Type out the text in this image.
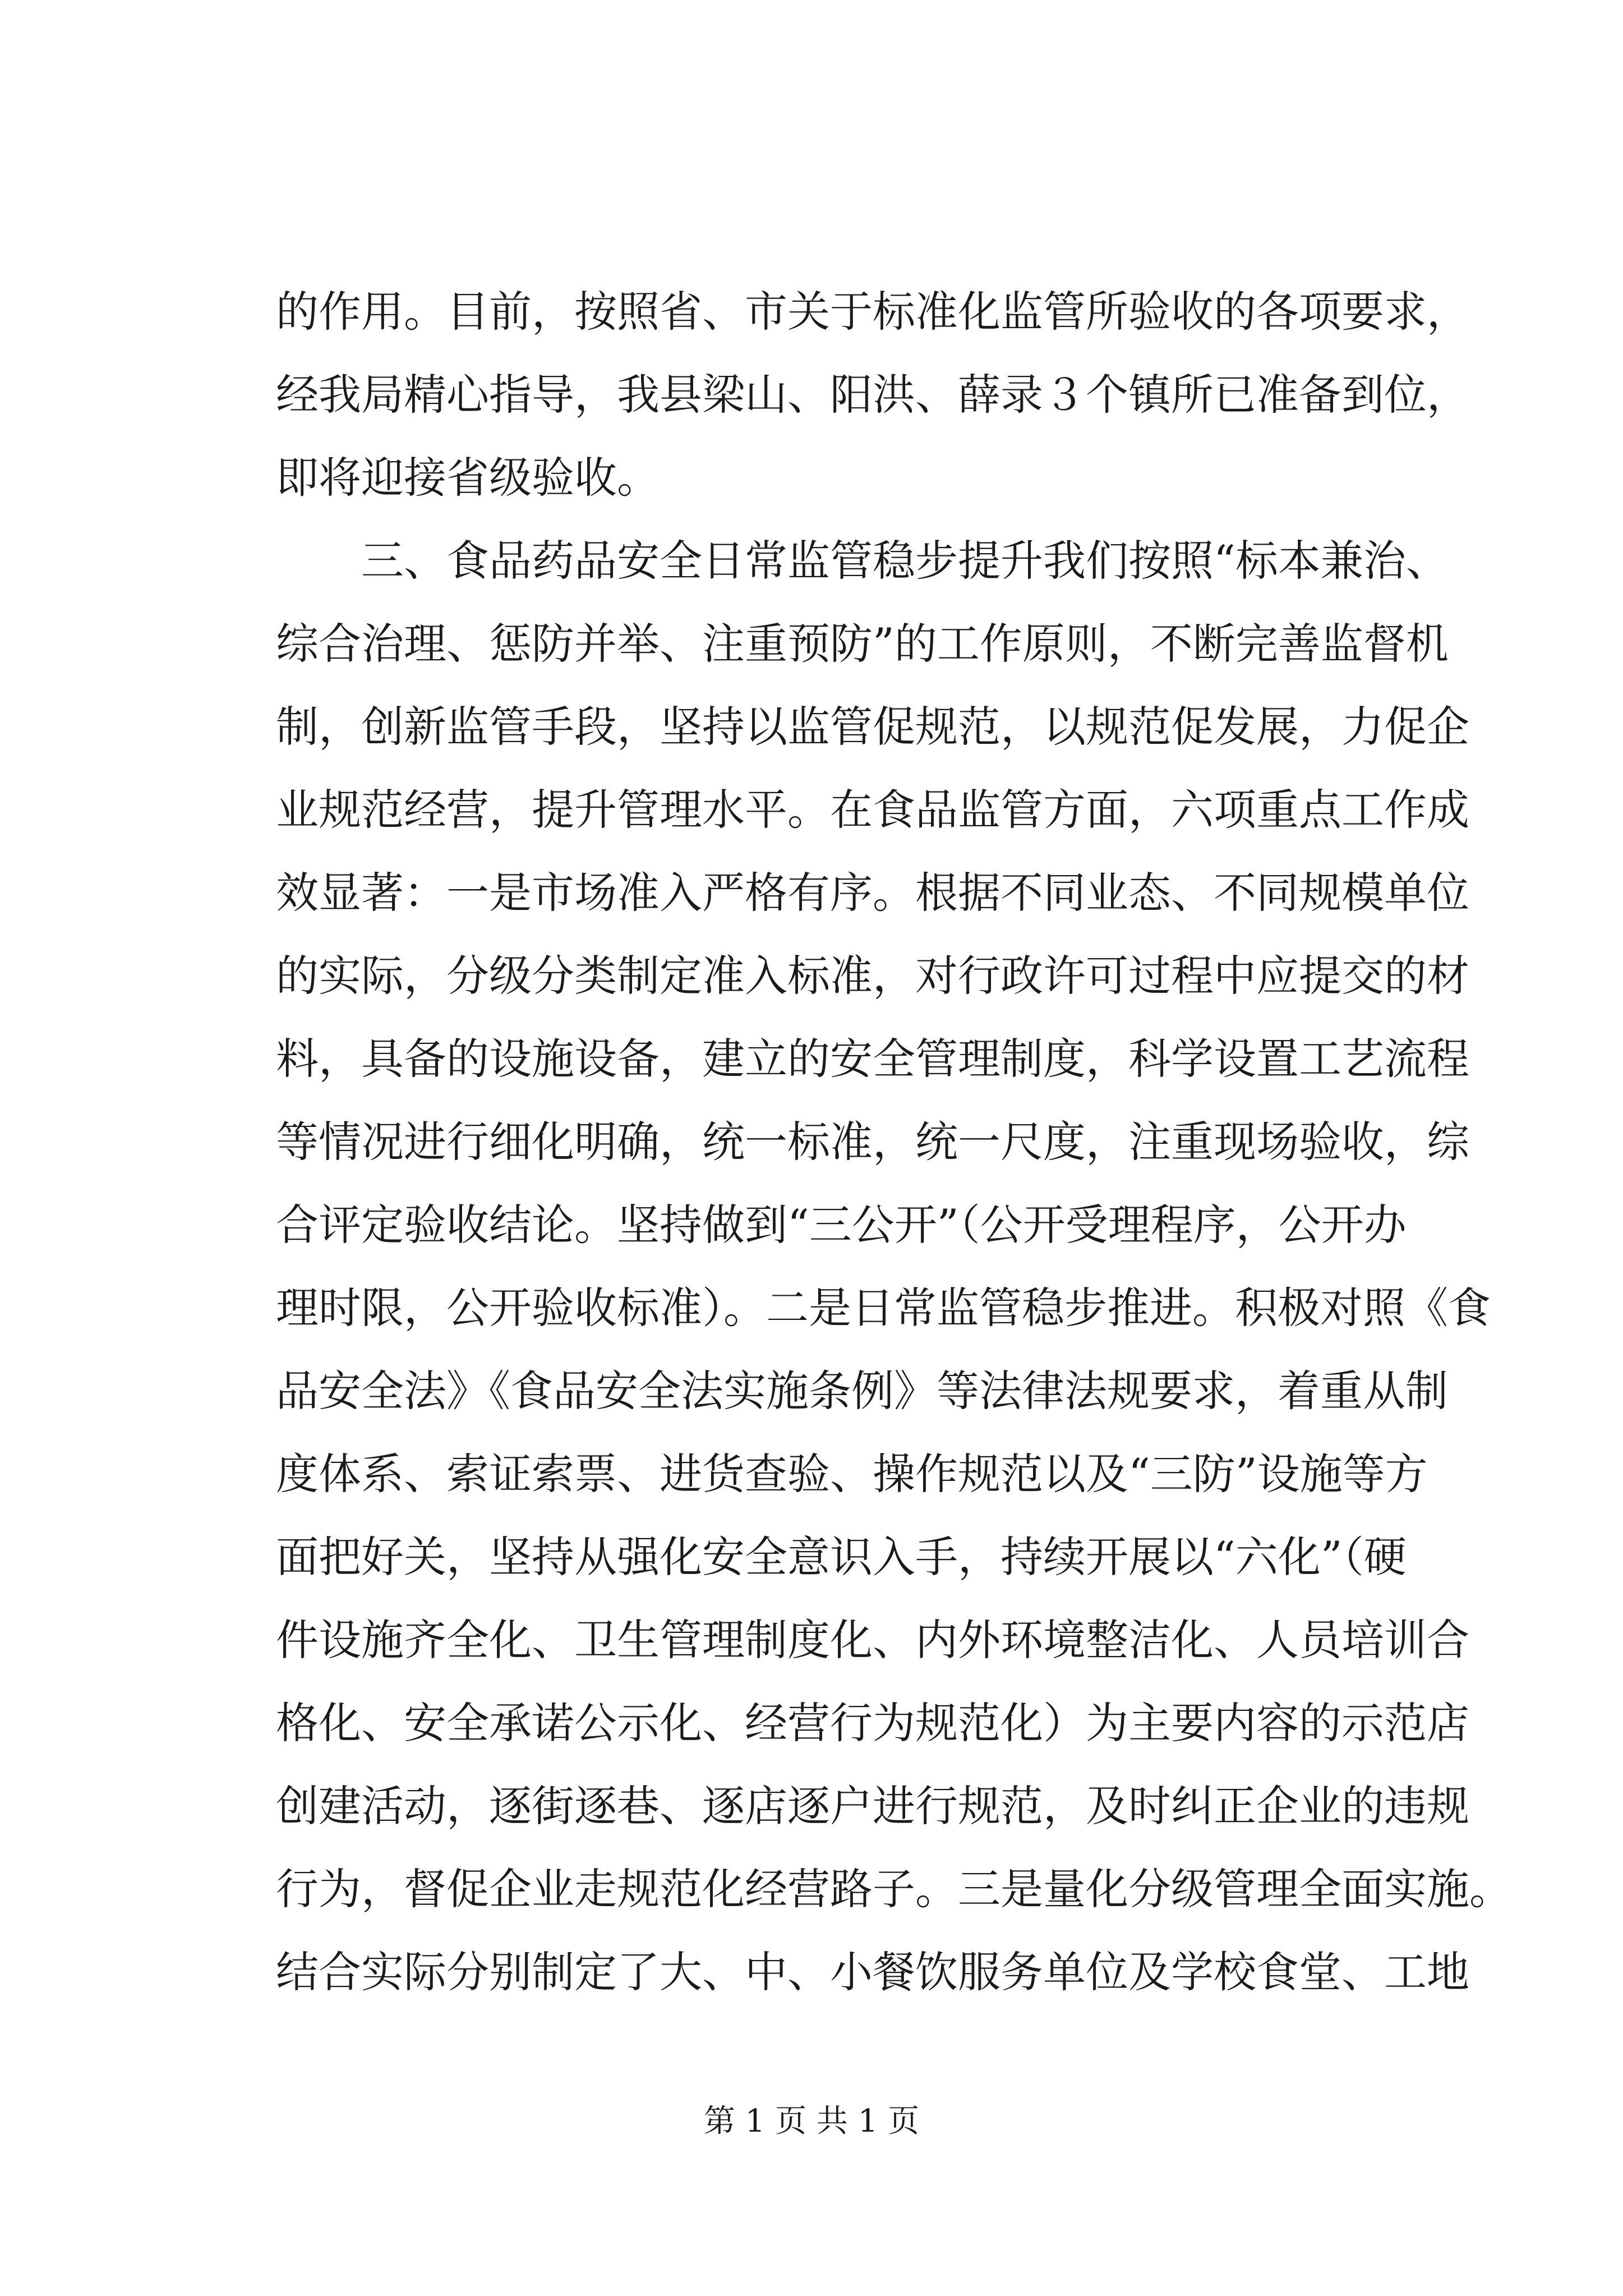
的作用。目前，按照省、市关于标准化监管所验收的各项要求，
经我局精心指导，我县梁山、阳洪、薛录３个镇所已准备到位，
即将迎接省级验收。
　　三、食品药品安全日常监管稳步提升我们按照“标本兼治、
综合治理、惩防并举、注重预防”的工作原则，不断完善监督机
制，创新监管手段，坚持以监管促规范，以规范促发展，力促企
业规范经营，提升管理水平。在食品监管方面，六项重点工作成
效显著：一是市场准入严格有序。根据不同业态、不同规模单位
的实际，分级分类制定准入标准，对行政许可过程中应提交的材
料，具备的设施设备，建立的安全管理制度，科学设置工艺流程
等情况进行细化明确，统一标准，统一尺度，注重现场验收，综
合评定验收结论。坚持做到“三公开”（公开受理程序，公开办
理时限，公开验收标准）。二是日常监管稳步推进。积极对照《食
品安全法》《食品安全法实施条例》等法律法规要求，着重从制
度体系、索证索票、进货查验、操作规范以及“三防”设施等方
面把好关，坚持从强化安全意识入手，持续开展以“六化”（硬
件设施齐全化、卫生管理制度化、内外环境整洁化、人员培训合
格化、安全承诺公示化、经营行为规范化）为主要内容的示范店
创建活动，逐街逐巷、逐店逐户进行规范，及时纠正企业的违规
行为，督促企业走规范化经营路子。三是量化分级管理全面实施。
结合实际分别制定了大、中、小餐饮服务单位及学校食堂、工地
第 1 页 共 1 页
